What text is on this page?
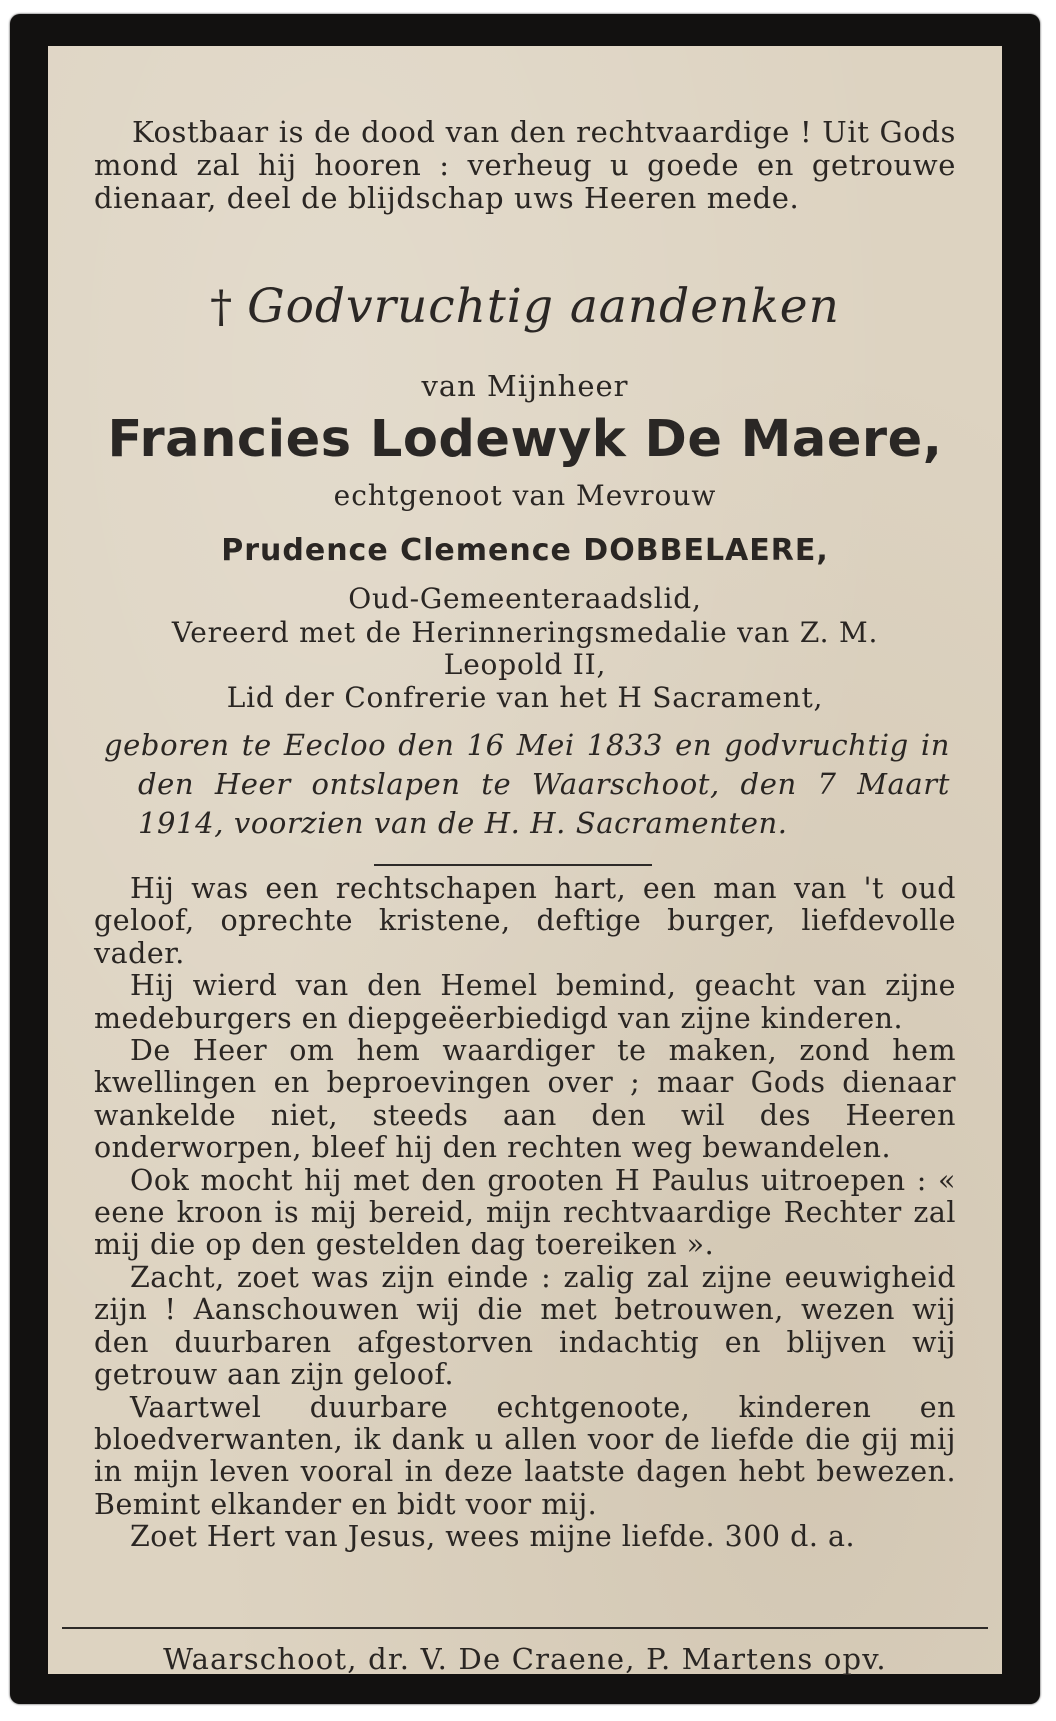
Kostbaar is de dood van den rechtvaardige ! Uit Gods mond zal hij hooren : verheug u goede en getrouwe dienaar, deel de blijdschap uws Heeren mede.

† Godvruchtig aandenken
van Mijnheer
Francies Lodewyk De Maere,
echtgenoot van Mevrouw
Prudence Clemence DOBBELAERE,
Oud-Gemeenteraadslid,
Vereerd met de Herinneringsmedalie van Z. M.
Leopold II,
Lid der Confrerie van het H Sacrament,

geboren te Eecloo den 16 Mei 1833 en godvruchtig in den Heer ontslapen te Waarschoot, den 7 Maart 1914, voorzien van de H. H. Sacramenten.

Hij was een rechtschapen hart, een man van 't oud geloof, oprechte kristene, deftige burger, liefdevolle vader.

Hij wierd van den Hemel bemind, geacht van zijne medeburgers en diepgeëerbiedigd van zijne kinderen.

De Heer om hem waardiger te maken, zond hem kwellingen en beproevingen over ; maar Gods dienaar wankelde niet, steeds aan den wil des Heeren onderworpen, bleef hij den rechten weg bewandelen.

Ook mocht hij met den grooten H Paulus uitroepen : « eene kroon is mij bereid, mijn rechtvaardige Rechter zal mij die op den gestelden dag toereiken ».

Zacht, zoet was zijn einde : zalig zal zijne eeuwigheid zijn ! Aanschouwen wij die met betrouwen, wezen wij den duurbaren afgestorven indachtig en blijven wij getrouw aan zijn geloof.

Vaartwel duurbare echtgenoote, kinderen en bloedverwanten, ik dank u allen voor de liefde die gij mij in mijn leven vooral in deze laatste dagen hebt bewezen. Bemint elkander en bidt voor mij.

Zoet Hert van Jesus, wees mijne liefde. 300 d. a.

Waarschoot, dr. V. De Craene, P. Martens opv.
